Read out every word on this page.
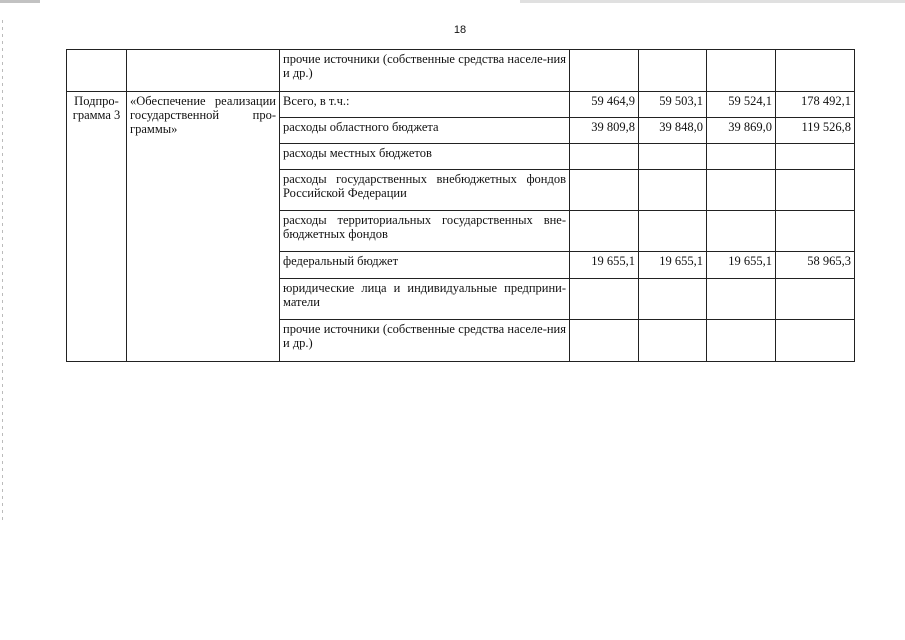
18
		прочие источники (собственные средства населе-ния и др.)				
Подпро-грамма 3	«Обеспечение реализации государственной про-граммы»	Всего, в т.ч.:	59 464,9	59 503,1	59 524,1	178 492,1
		расходы областного бюджета	39 809,8	39 848,0	39 869,0	119 526,8
		расходы местных бюджетов				
		расходы государственных внебюджетных фондов Российской Федерации				
		расходы территориальных государственных вне-бюджетных фондов				
		федеральный бюджет	19 655,1	19 655,1	19 655,1	58 965,3
		юридические лица и индивидуальные предприни-матели				
		прочие источники (собственные средства населе-ния и др.)				
